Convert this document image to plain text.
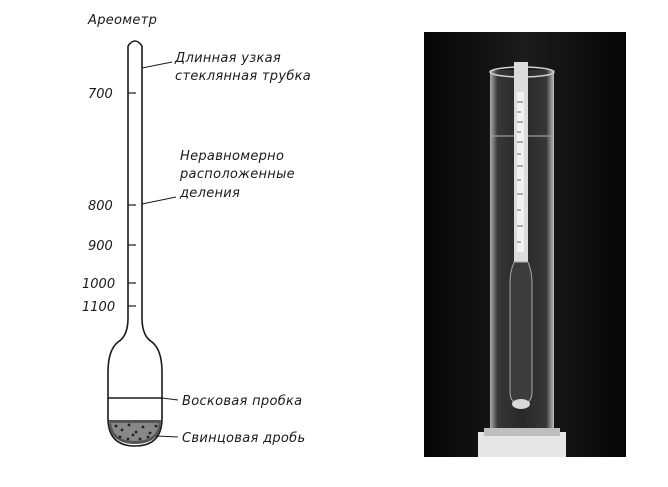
Ареометр
700
800
900
1000
1100
Длинная узкая
стеклянная трубка
Неравномерно
расположенные
деления
Восковая пробка
Свинцовая дробь
